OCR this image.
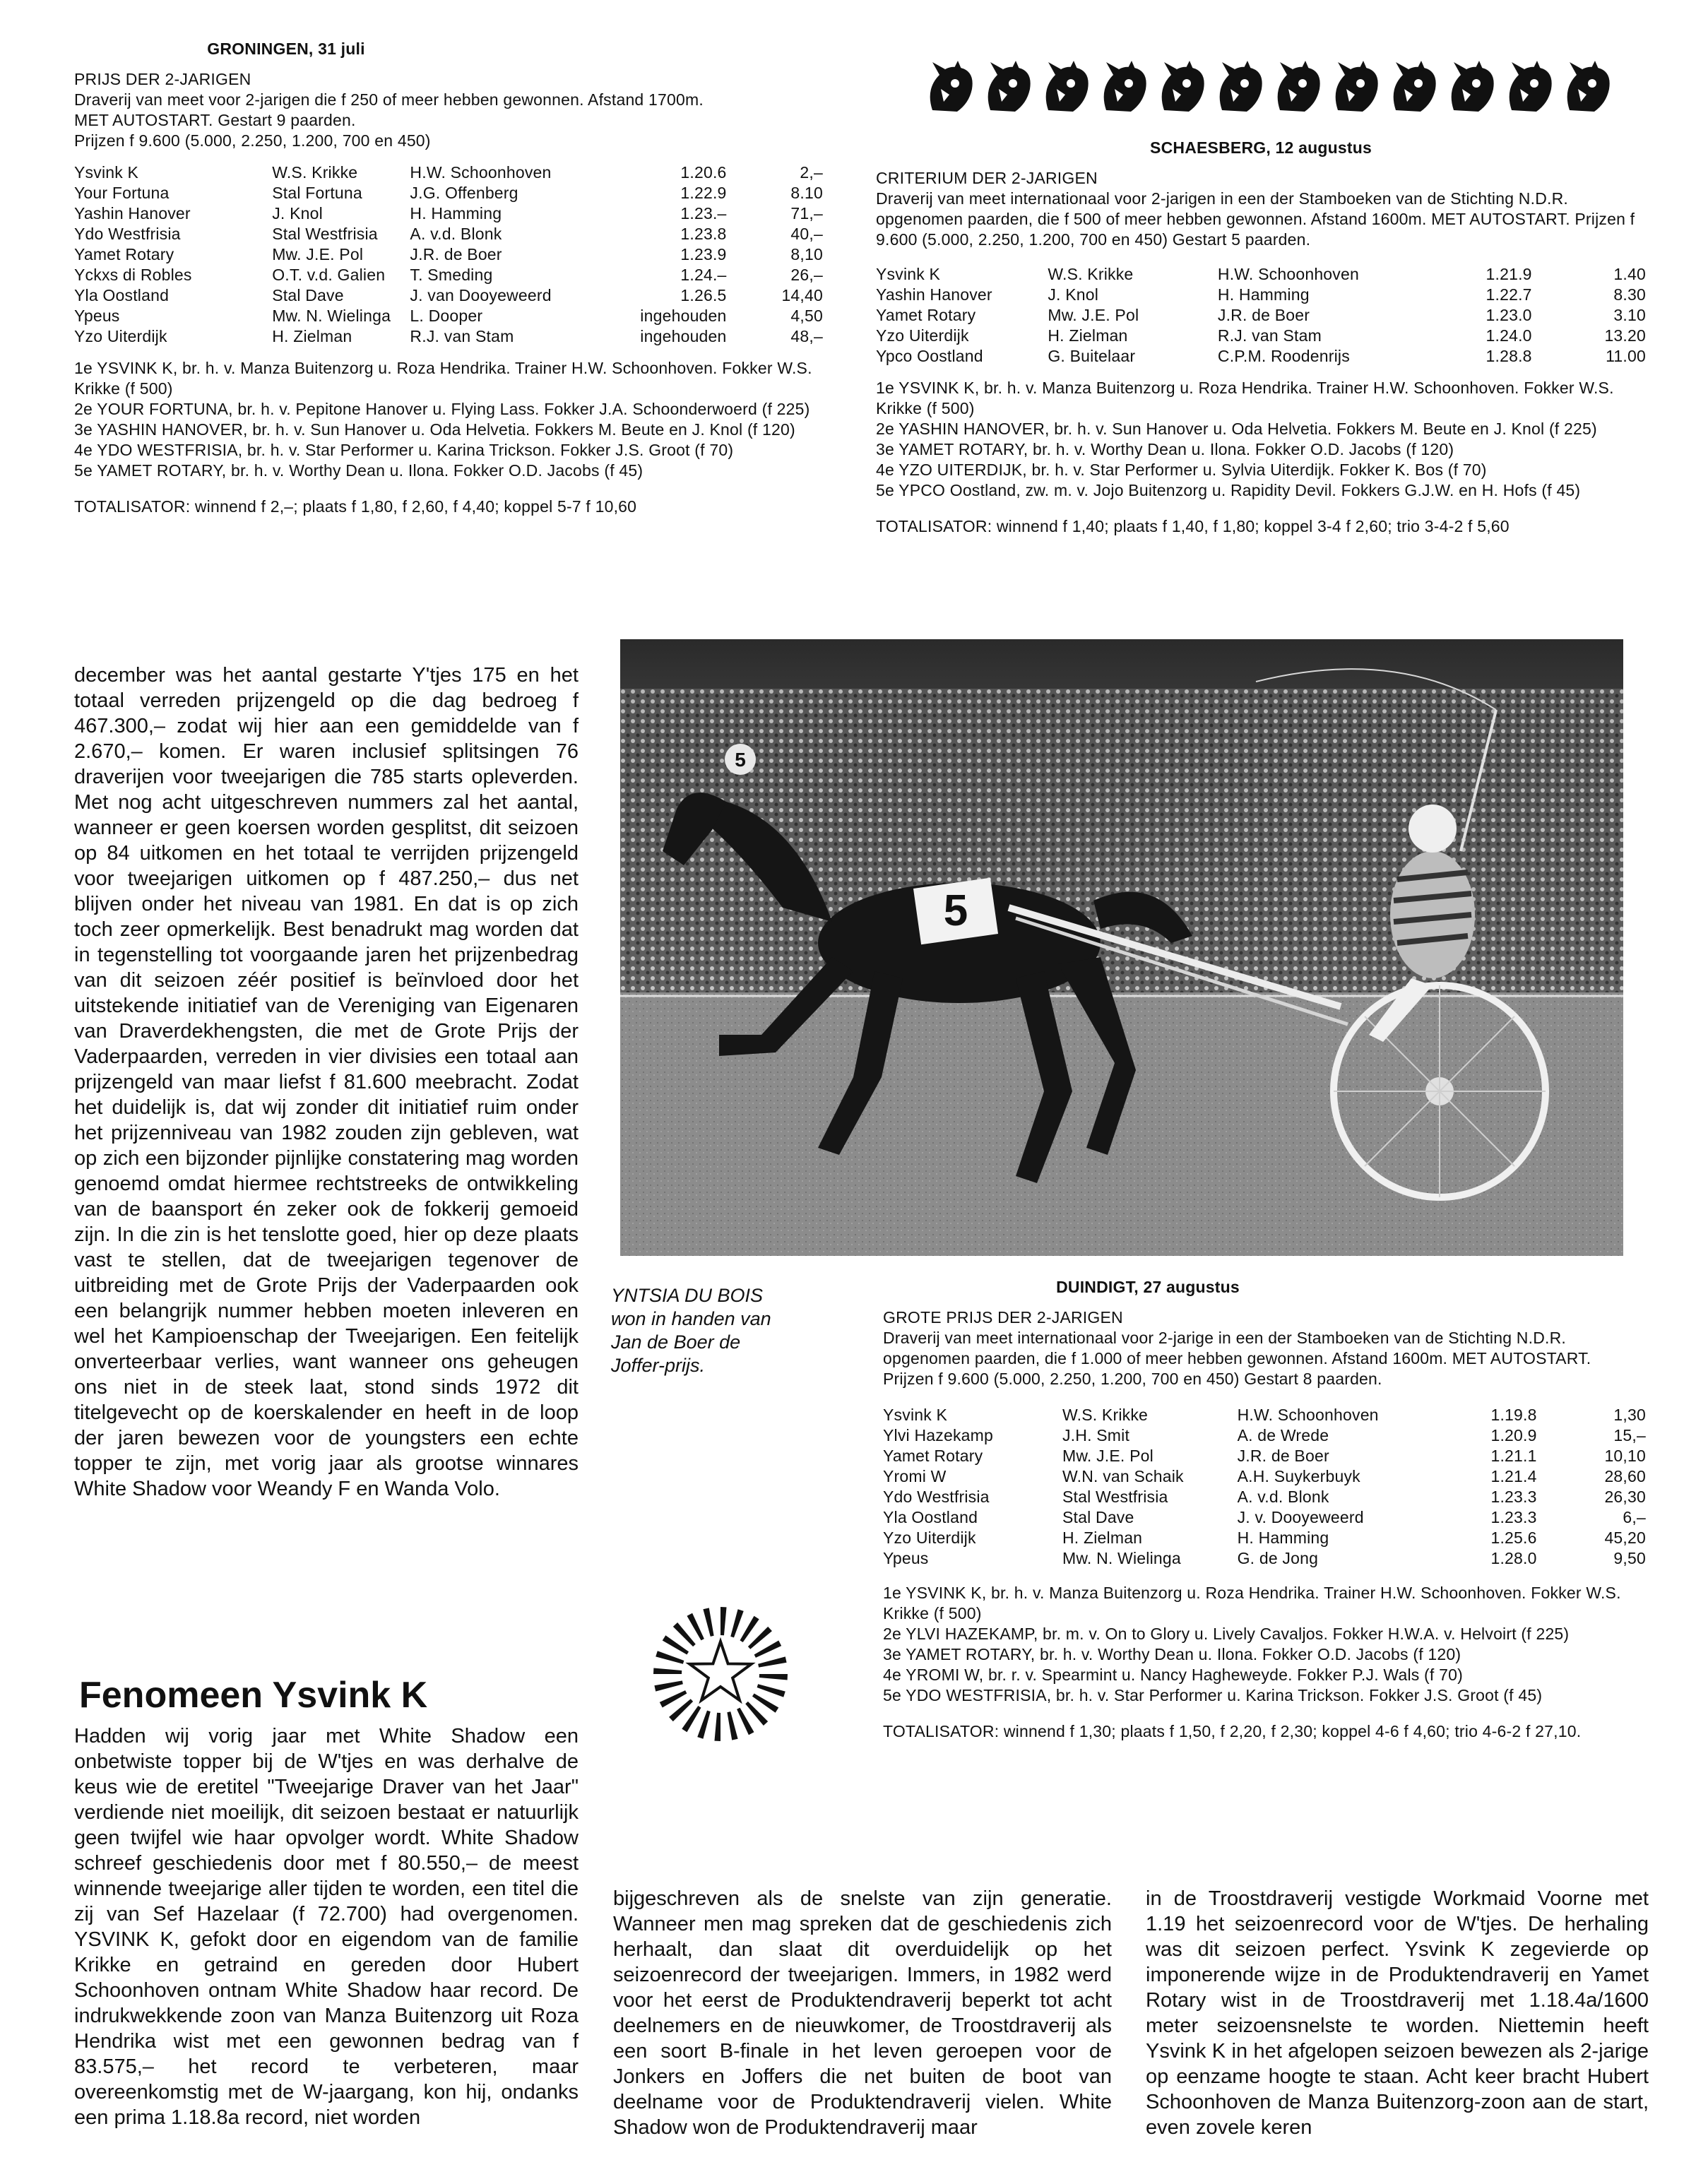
GRONINGEN, 31 juli
PRIJS DER 2-JARIGEN
Draverij van meet voor 2-jarigen die f 250 of meer hebben gewonnen. Afstand 1700m.
MET AUTOSTART. Gestart 9 paarden.
Prijzen f 9.600 (5.000, 2.250, 1.200, 700 en 450)
Ysvink K	W.S. Krikke	H.W. Schoonhoven	1.20.6	2,–
Your Fortuna	Stal Fortuna	J.G. Offenberg	1.22.9	8.10
Yashin Hanover	J. Knol	H. Hamming	1.23.–	71,–
Ydo Westfrisia	Stal Westfrisia	A. v.d. Blonk	1.23.8	40,–
Yamet Rotary	Mw. J.E. Pol	J.R. de Boer	1.23.9	8,10
Yckxs di Robles	O.T. v.d. Galien	T. Smeding	1.24.–	26,–
Yla Oostland	Stal Dave	J. van Dooyeweerd	1.26.5	14,40
Ypeus	Mw. N. Wielinga	L. Dooper	ingehouden	4,50
Yzo Uiterdijk	H. Zielman	R.J. van Stam	ingehouden	48,–
1e YSVINK K, br. h. v. Manza Buitenzorg u. Roza Hendrika. Trainer H.W. Schoonhoven. Fokker W.S. Krikke (f 500)
2e YOUR FORTUNA, br. h. v. Pepitone Hanover u. Flying Lass. Fokker J.A. Schoonderwoerd (f 225)
3e YASHIN HANOVER, br. h. v. Sun Hanover u. Oda Helvetia. Fokkers M. Beute en J. Knol (f 120)
4e YDO WESTFRISIA, br. h. v. Star Performer u. Karina Trickson. Fokker J.S. Groot (f 70)
5e YAMET ROTARY, br. h. v. Worthy Dean u. Ilona. Fokker O.D. Jacobs (f 45)
TOTALISATOR: winnend f 2,–; plaats f 1,80, f 2,60, f 4,40; koppel 5-7 f 10,60
SCHAESBERG, 12 augustus
CRITERIUM DER 2-JARIGEN
Draverij van meet internationaal voor 2-jarigen in een der Stamboeken van de Stichting N.D.R. opgenomen paarden, die f 500 of meer hebben gewonnen. Afstand 1600m. MET AUTOSTART. Prijzen f 9.600 (5.000, 2.250, 1.200, 700 en 450) Gestart 5 paarden.
Ysvink K	W.S. Krikke	H.W. Schoonhoven	1.21.9	1.40
Yashin Hanover	J. Knol	H. Hamming	1.22.7	8.30
Yamet Rotary	Mw. J.E. Pol	J.R. de Boer	1.23.0	3.10
Yzo Uiterdijk	H. Zielman	R.J. van Stam	1.24.0	13.20
Ypco Oostland	G. Buitelaar	C.P.M. Roodenrijs	1.28.8	11.00
1e YSVINK K, br. h. v. Manza Buitenzorg u. Roza Hendrika. Trainer H.W. Schoonhoven. Fokker W.S. Krikke (f 500)
2e YASHIN HANOVER, br. h. v. Sun Hanover u. Oda Helvetia. Fokkers M. Beute en J. Knol (f 225)
3e YAMET ROTARY, br. h. v. Worthy Dean u. Ilona. Fokker O.D. Jacobs (f 120)
4e YZO UITERDIJK, br. h. v. Star Performer u. Sylvia Uiterdijk. Fokker K. Bos (f 70)
5e YPCO Oostland, zw. m. v. Jojo Buitenzorg u. Rapidity Devil. Fokkers G.J.W. en H. Hofs (f 45)
TOTALISATOR: winnend f 1,40; plaats f 1,40, f 1,80; koppel 3-4 f 2,60; trio 3-4-2 f 5,60
5
5
december was het aantal gestarte Y'tjes 175 en het totaal verreden prijzengeld op die dag bedroeg f 467.300,– zodat wij hier aan een gemiddelde van f 2.670,– komen. Er waren inclusief splitsingen 76 draverijen voor tweejarigen die 785 starts opleverden. Met nog acht uitgeschreven nummers zal het aantal, wanneer er geen koersen worden gesplitst, dit seizoen op 84 uitkomen en het totaal te verrijden prijzengeld voor tweejarigen uitkomen op f 487.250,– dus net blijven onder het niveau van 1981. En dat is op zich toch zeer opmerkelijk. Best benadrukt mag worden dat in tegenstelling tot voorgaande jaren het prijzenbedrag van dit seizoen zéér positief is beïnvloed door het uitstekende initiatief van de Vereniging van Eigenaren van Draverdekhengsten, die met de Grote Prijs der Vaderpaarden, verreden in vier divisies een totaal aan prijzengeld van maar liefst f 81.600 meebracht. Zodat het duidelijk is, dat wij zonder dit initiatief ruim onder het prijzenniveau van 1982 zouden zijn gebleven, wat op zich een bijzonder pijnlijke constatering mag worden genoemd omdat hiermee rechtstreeks de ontwikkeling van de baansport én zeker ook de fokkerij gemoeid zijn. In die zin is het tenslotte goed, hier op deze plaats vast te stellen, dat de tweejarigen tegenover de uitbreiding met de Grote Prijs der Vaderpaarden ook een belangrijk nummer hebben moeten inleveren en wel het Kampioenschap der Tweejarigen. Een feitelijk onverteerbaar verlies, want wanneer ons geheugen ons niet in de steek laat, stond sinds 1972 dit titelgevecht op de koerskalender en heeft in de loop der jaren bewezen voor de youngsters een echte topper te zijn, met vorig jaar als grootse winnares White Shadow voor Weandy F en Wanda Volo.
Fenomeen Ysvink K
Hadden wij vorig jaar met White Shadow een onbetwiste topper bij de W'tjes en was derhalve de keus wie de eretitel "Tweejarige Draver van het Jaar" verdiende niet moeilijk, dit seizoen bestaat er natuurlijk geen twijfel wie haar opvolger wordt. White Shadow schreef geschiedenis door met f 80.550,– de meest winnende tweejarige aller tijden te worden, een titel die zij van Sef Hazelaar (f 72.700) had overgenomen. YSVINK K, gefokt door en eigendom van de familie Krikke en getraind en gereden door Hubert Schoonhoven ontnam White Shadow haar record. De indrukwekkende zoon van Manza Buitenzorg uit Roza Hendrika wist met een gewonnen bedrag van f 83.575,– het record te verbeteren, maar overeenkomstig met de W-jaargang, kon hij, ondanks een prima 1.18.8a record, niet worden
YNTSIA DU BOIS
won in handen van
Jan de Boer de
Joffer-prijs.
DUINDIGT, 27 augustus
GROTE PRIJS DER 2-JARIGEN
Draverij van meet internationaal voor 2-jarige in een der Stamboeken van de Stichting N.D.R. opgenomen paarden, die f 1.000 of meer hebben gewonnen. Afstand 1600m. MET AUTOSTART. Prijzen f 9.600 (5.000, 2.250, 1.200, 700 en 450) Gestart 8 paarden.
Ysvink K	W.S. Krikke	H.W. Schoonhoven	1.19.8	1,30
Ylvi Hazekamp	J.H. Smit	A. de Wrede	1.20.9	15,–
Yamet Rotary	Mw. J.E. Pol	J.R. de Boer	1.21.1	10,10
Yromi W	W.N. van Schaik	A.H. Suykerbuyk	1.21.4	28,60
Ydo Westfrisia	Stal Westfrisia	A. v.d. Blonk	1.23.3	26,30
Yla Oostland	Stal Dave	J. v. Dooyeweerd	1.23.3	6,–
Yzo Uiterdijk	H. Zielman	H. Hamming	1.25.6	45,20
Ypeus	Mw. N. Wielinga	G. de Jong	1.28.0	9,50
1e YSVINK K, br. h. v. Manza Buitenzorg u. Roza Hendrika. Trainer H.W. Schoonhoven. Fokker W.S. Krikke (f 500)
2e YLVI HAZEKAMP, br. m. v. On to Glory u. Lively Cavaljos. Fokker H.W.A. v. Helvoirt (f 225)
3e YAMET ROTARY, br. h. v. Worthy Dean u. Ilona. Fokker O.D. Jacobs (f 120)
4e YROMI W, br. r. v. Spearmint u. Nancy Hagheweyde. Fokker P.J. Wals (f 70)
5e YDO WESTFRISIA, br. h. v. Star Performer u. Karina Trickson. Fokker J.S. Groot (f 45)
TOTALISATOR: winnend f 1,30; plaats f 1,50, f 2,20, f 2,30; koppel 4-6 f 4,60; trio 4-6-2 f 27,10.
bijgeschreven als de snelste van zijn generatie. Wanneer men mag spreken dat de geschiedenis zich herhaalt, dan slaat dit overduidelijk op het seizoenrecord der tweejarigen. Immers, in 1982 werd voor het eerst de Produktendraverij beperkt tot acht deelnemers en de nieuwkomer, de Troostdraverij als een soort B-finale in het leven geroepen voor de Jonkers en Joffers die net buiten de boot van deelname voor de Produktendraverij vielen. White Shadow won de Produktendraverij maar
in de Troostdraverij vestigde Workmaid Voorne met 1.19 het seizoenrecord voor de W'tjes. De herhaling was dit seizoen perfect. Ysvink K zegevierde op imponerende wijze in de Produktendraverij en Yamet Rotary wist in de Troostdraverij met 1.18.4a/1600 meter seizoensnelste te worden. Niettemin heeft Ysvink K in het afgelopen seizoen bewezen als 2-jarige op eenzame hoogte te staan. Acht keer bracht Hubert Schoonhoven de Manza Buitenzorg-zoon aan de start, even zovele keren
